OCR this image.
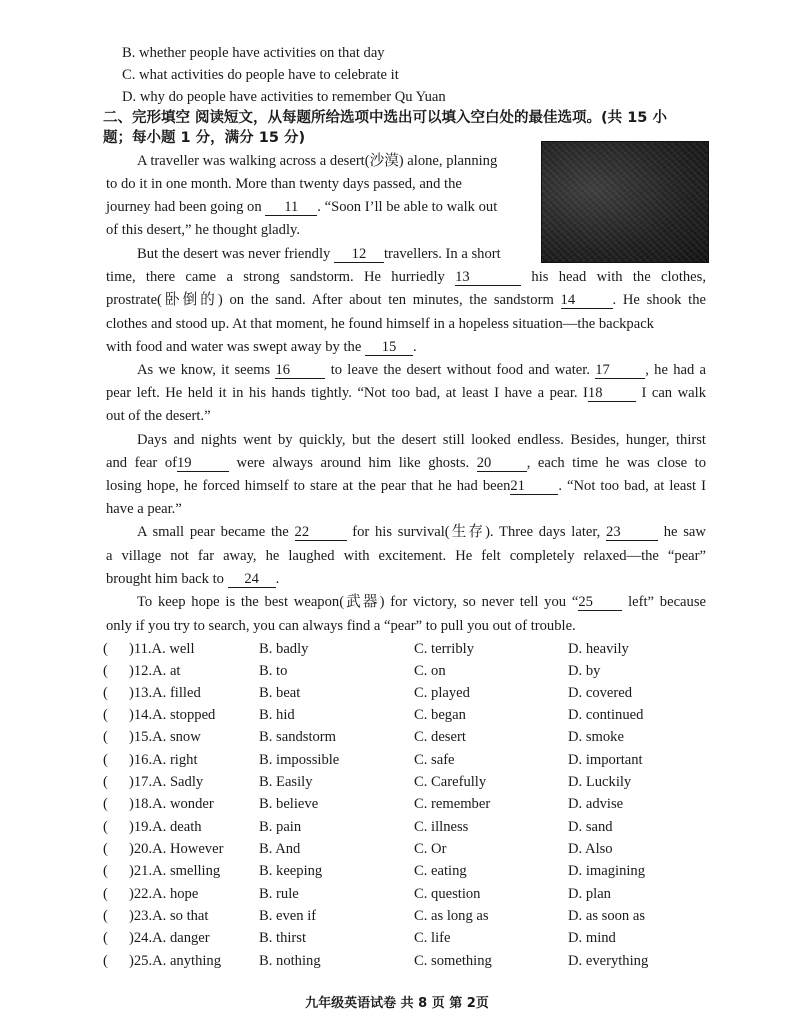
B. whether people have activities on that day
C. what activities do people have to celebrate it
D. why do people have activities to remember Qu Yuan
二、完形填空 阅读短文，从每题所给选项中选出可以填入空白处的最佳选项。(共 15 小
题；每小题 1 分，满分 15 分)
A traveller was walking across a desert(沙漠) alone, planning
to do it in one month. More than twenty days passed, and the
journey had been going on 11 . “Soon I’ll be able to walk out
of this desert,” he thought gladly.
But the desert was never friendly 12 travellers. In a short
time, there came a strong sandstorm. He hurriedly 13	his head with the clothes,
prostrate(卧倒的) on the sand. After about ten minutes, the sandstorm 14	. He shook the
clothes and stood up. At that moment, he found himself in a hopeless situation—the backpack
with food and water was swept away by the 15 .
As we know, it seems 16	to leave the desert without food and water. 17 , he had a
pear left. He held it in his hands tightly. “Not too bad, at least I have a pear. I18	I can walk
out of the desert.”
Days and nights went by quickly, but the desert still looked endless. Besides, hunger, thirst
and fear of19	were always around him like ghosts. 20 , each time he was close to
losing hope, he forced himself to stare at the pear that he had been21 . “Not too bad, at least I
have a pear.”
A small pear became the 22	for his survival(生存). Three days later, 23	he saw
a village not far away, he laughed with excitement. He felt completely relaxed—the “pear”
brought him back to 24 .
To keep hope is the best weapon(武器) for victory, so never tell you “25 left” because
only if you try to search, you can always find a “pear” to pull you out of trouble.
( )11.A. well	B. badly	C. terribly	D. heavily
( )12.A. at	B. to	C. on	D. by
( )13.A. filled	B. beat	C. played	D. covered
( )14.A. stopped	B. hid	C. began	D. continued
( )15.A. snow	B. sandstorm	C. desert	D. smoke
( )16.A. right	B. impossible	C. safe	D. important
( )17.A. Sadly	B. Easily	C. Carefully	D. Luckily
( )18.A. wonder	B. believe	C. remember	D. advise
( )19.A. death	B. pain	C. illness	D. sand
( )20.A. However B. And	C. Or	D. Also
( )21.A. smelling	B. keeping	C. eating	D. imagining
( )22.A. hope	B. rule	C. question	D. plan
( )23.A. so that	B. even if	C. as long as	D. as soon as
( )24.A. danger	B. thirst	C. life	D. mind
( )25.A. anything	B. nothing	C. something	D. everything
九年级英语试卷 共 8 页 第 2页
